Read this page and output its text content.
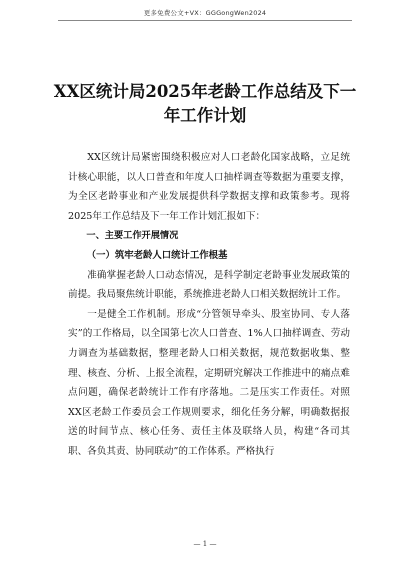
更多免费公文+VX：GGGongWen2024
XX区统计局2025年老龄工作总结及下一年工作计划

XX区统计局紧密围绕积极应对人口老龄化国家战略，立足统计核心职能，以人口普查和年度人口抽样调查等数据为重要支撑，为全区老龄事业和产业发展提供科学数据支撑和政策参考。现将2025年工作总结及下一年工作计划汇报如下：

一、主要工作开展情况

（一）筑牢老龄人口统计工作根基

准确掌握老龄人口动态情况，是科学制定老龄事业发展政策的前提。我局聚焦统计职能，系统推进老龄人口相关数据统计工作。

一是健全工作机制。形成“分管领导牵头、股室协同、专人落实”的工作格局，以全国第七次人口普查、1%人口抽样调查、劳动力调查为基础数据，整理老龄人口相关数据，规范数据收集、整理、核查、分析、上报全流程，定期研究解决工作推进中的痛点难点问题，确保老龄统计工作有序落地。二是压实工作责任。对照XX区老龄工作委员会工作规则要求，细化任务分解，明确数据报送的时间节点、核心任务、责任主体及联络人员，构建“各司其职、各负其责、协同联动”的工作体系。严格执行

— 1 —
